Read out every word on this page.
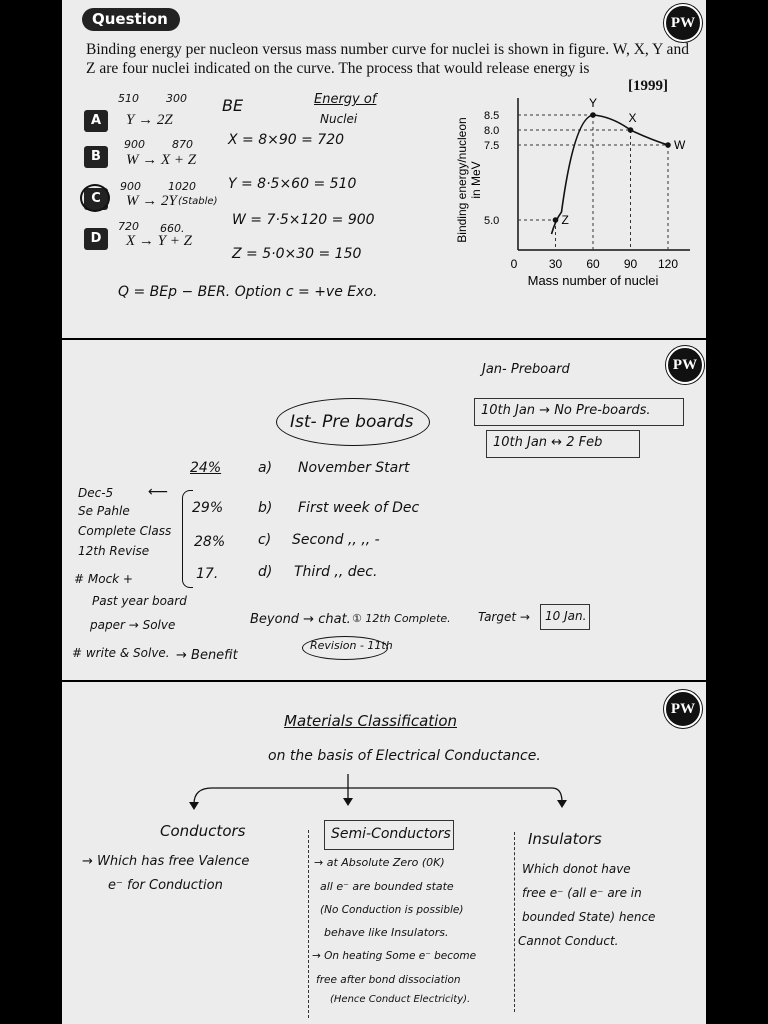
Question	PW
Binding energy per nucleon versus mass number curve for nuclei is shown in figure. W, X, Y and Z are four nuclei indicated on the curve. The process that would release energy is
[1999]
510 300
A	Y → 2Z
900 870
B	W → X + Z
900 1020
C	W → 2Y (Stable)
720 660.
D	X → Y + Z
BE	Energy of
Nuclei
X = 8×90 = 720
Y = 8·5×60 = 510
W = 7·5×120 = 900
Z = 5·0×30 = 150
Q = BEp − BER. Option c = +ve Exo.
0	30 60 90 120
5.0
7.5
8.0
8.5
Z
Y
X
W
Mass number of nuclei
Binding energy/nucleon in MeV
PW
Jan- Preboard
10th Jan → No Pre-boards.
10th Jan ↔ 2 Feb
Ist- Pre boards
24%	a) November Start
29% b) First week of Dec
28% c) Second ,, ,, -
17.	d) Third ,, dec.
Dec-5
Se Pahle
Complete Class
12th Revise
# Mock +
Past year board
paper → Solve
# write & Solve.
⟵
Beyond → chat. ① 12th Complete. Target → 10 Jan.
→ Benefit
Revision - 11th
PW
Materials Classification
on the basis of Electrical Conductance.
Conductors	Semi-Conductors	Insulators
→ Which has free Valence
e⁻ for Conduction
→ at Absolute Zero (0K)
all e⁻ are bounded state
(No Conduction is possible)
behave like Insulators.
→ On heating Some e⁻ become
free after bond dissociation
(Hence Conduct Electricity).
Which donot have
free e⁻ (all e⁻ are in
bounded State) hence
Cannot Conduct.
